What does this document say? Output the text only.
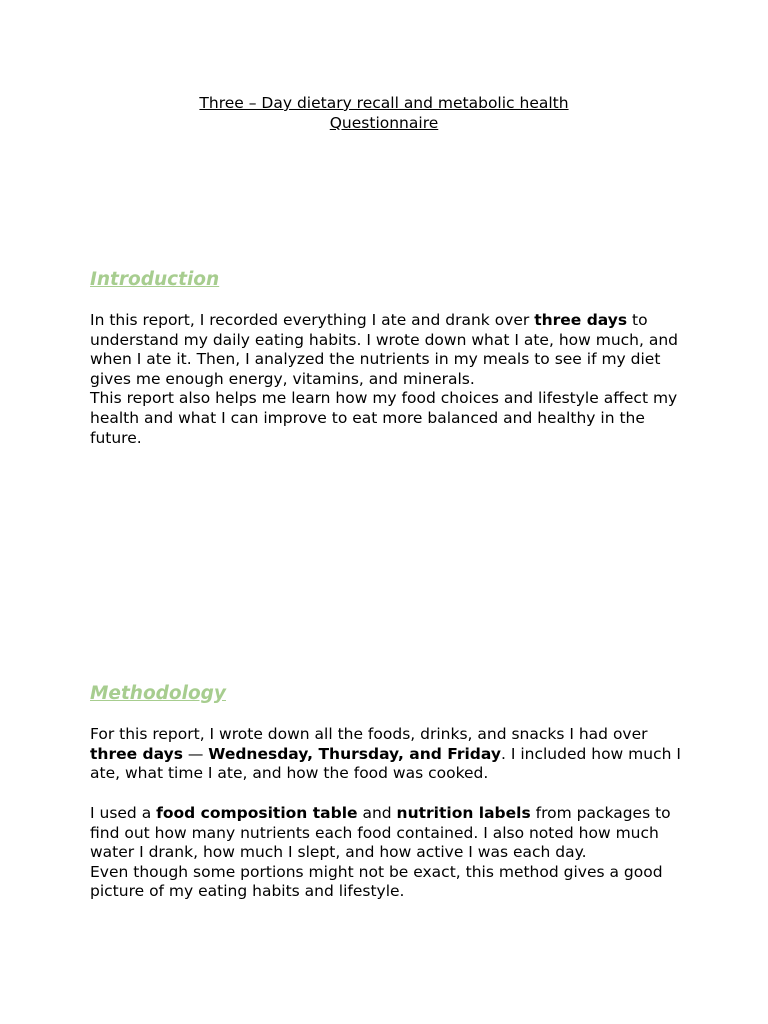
Three – Day dietary recall and metabolic health
Questionnaire
Introduction

In this report, I recorded everything I ate and drank over three days to understand my daily eating habits. I wrote down what I ate, how much, and when I ate it. Then, I analyzed the nutrients in my meals to see if my diet gives me enough energy, vitamins, and minerals.
This report also helps me learn how my food choices and lifestyle affect my health and what I can improve to eat more balanced and healthy in the future.

Methodology

For this report, I wrote down all the foods, drinks, and snacks I had over three days — Wednesday, Thursday, and Friday. I included how much I ate, what time I ate, and how the food was cooked.

I used a food composition table and nutrition labels from packages to find out how many nutrients each food contained. I also noted how much water I drank, how much I slept, and how active I was each day.
Even though some portions might not be exact, this method gives a good picture of my eating habits and lifestyle.
